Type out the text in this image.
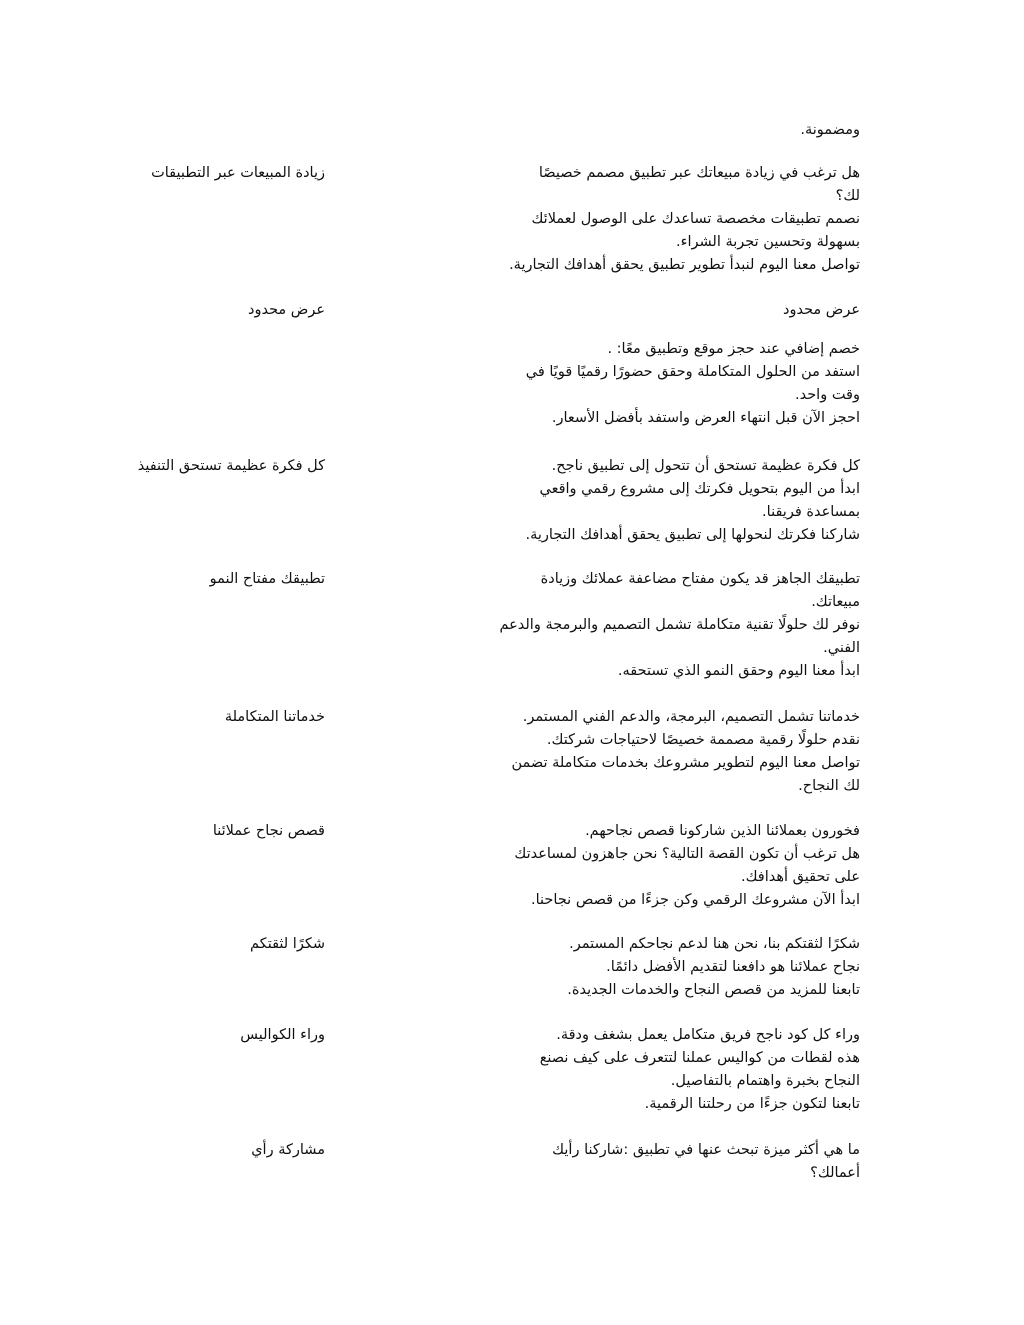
ومضمونة.
زيادة المبيعات عبر التطبيقات	هل ترغب في زيادة مبيعاتك عبر تطبيق مصمم خصيصًا
لك؟
نصمم تطبيقات مخصصة تساعدك على الوصول لعملائك
بسهولة وتحسين تجربة الشراء.
تواصل معنا اليوم لنبدأ تطوير تطبيق يحقق أهدافك التجارية.
عرض محدود	عرض محدود
خصم إضافي عند حجز موقع وتطبيق معًا: .
استفد من الحلول المتكاملة وحقق حضورًا رقميًا قويًا في
وقت واحد.
احجز الآن قبل انتهاء العرض واستفد بأفضل الأسعار.
كل فكرة عظيمة تستحق التنفيذ	كل فكرة عظيمة تستحق أن تتحول إلى تطبيق ناجح.
ابدأ من اليوم بتحويل فكرتك إلى مشروع رقمي واقعي
بمساعدة فريقنا.
شاركنا فكرتك لنحولها إلى تطبيق يحقق أهدافك التجارية.
تطبيقك مفتاح النمو	تطبيقك الجاهز قد يكون مفتاح مضاعفة عملائك وزيادة
مبيعاتك.
نوفر لك حلولًا تقنية متكاملة تشمل التصميم والبرمجة والدعم
الفني.
ابدأ معنا اليوم وحقق النمو الذي تستحقه.
خدماتنا المتكاملة	خدماتنا تشمل التصميم، البرمجة، والدعم الفني المستمر.
نقدم حلولًا رقمية مصممة خصيصًا لاحتياجات شركتك.
تواصل معنا اليوم لتطوير مشروعك بخدمات متكاملة تضمن
لك النجاح.
قصص نجاح عملائنا	فخورون بعملائنا الذين شاركونا قصص نجاحهم.
هل ترغب أن تكون القصة التالية؟ نحن جاهزون لمساعدتك
على تحقيق أهدافك.
ابدأ الآن مشروعك الرقمي وكن جزءًا من قصص نجاحنا.
شكرًا لثقتكم	شكرًا لثقتكم بنا، نحن هنا لدعم نجاحكم المستمر.
نجاح عملائنا هو دافعنا لتقديم الأفضل دائمًا.
تابعنا للمزيد من قصص النجاح والخدمات الجديدة.
وراء الكواليس	وراء كل كود ناجح فريق متكامل يعمل بشغف ودقة.
هذه لقطات من كواليس عملنا لتتعرف على كيف نصنع
النجاح بخبرة واهتمام بالتفاصيل.
تابعنا لتكون جزءًا من رحلتنا الرقمية.
مشاركة رأي	ما هي أكثر ميزة تبحث عنها في تطبيق :شاركنا رأيك
أعمالك؟
